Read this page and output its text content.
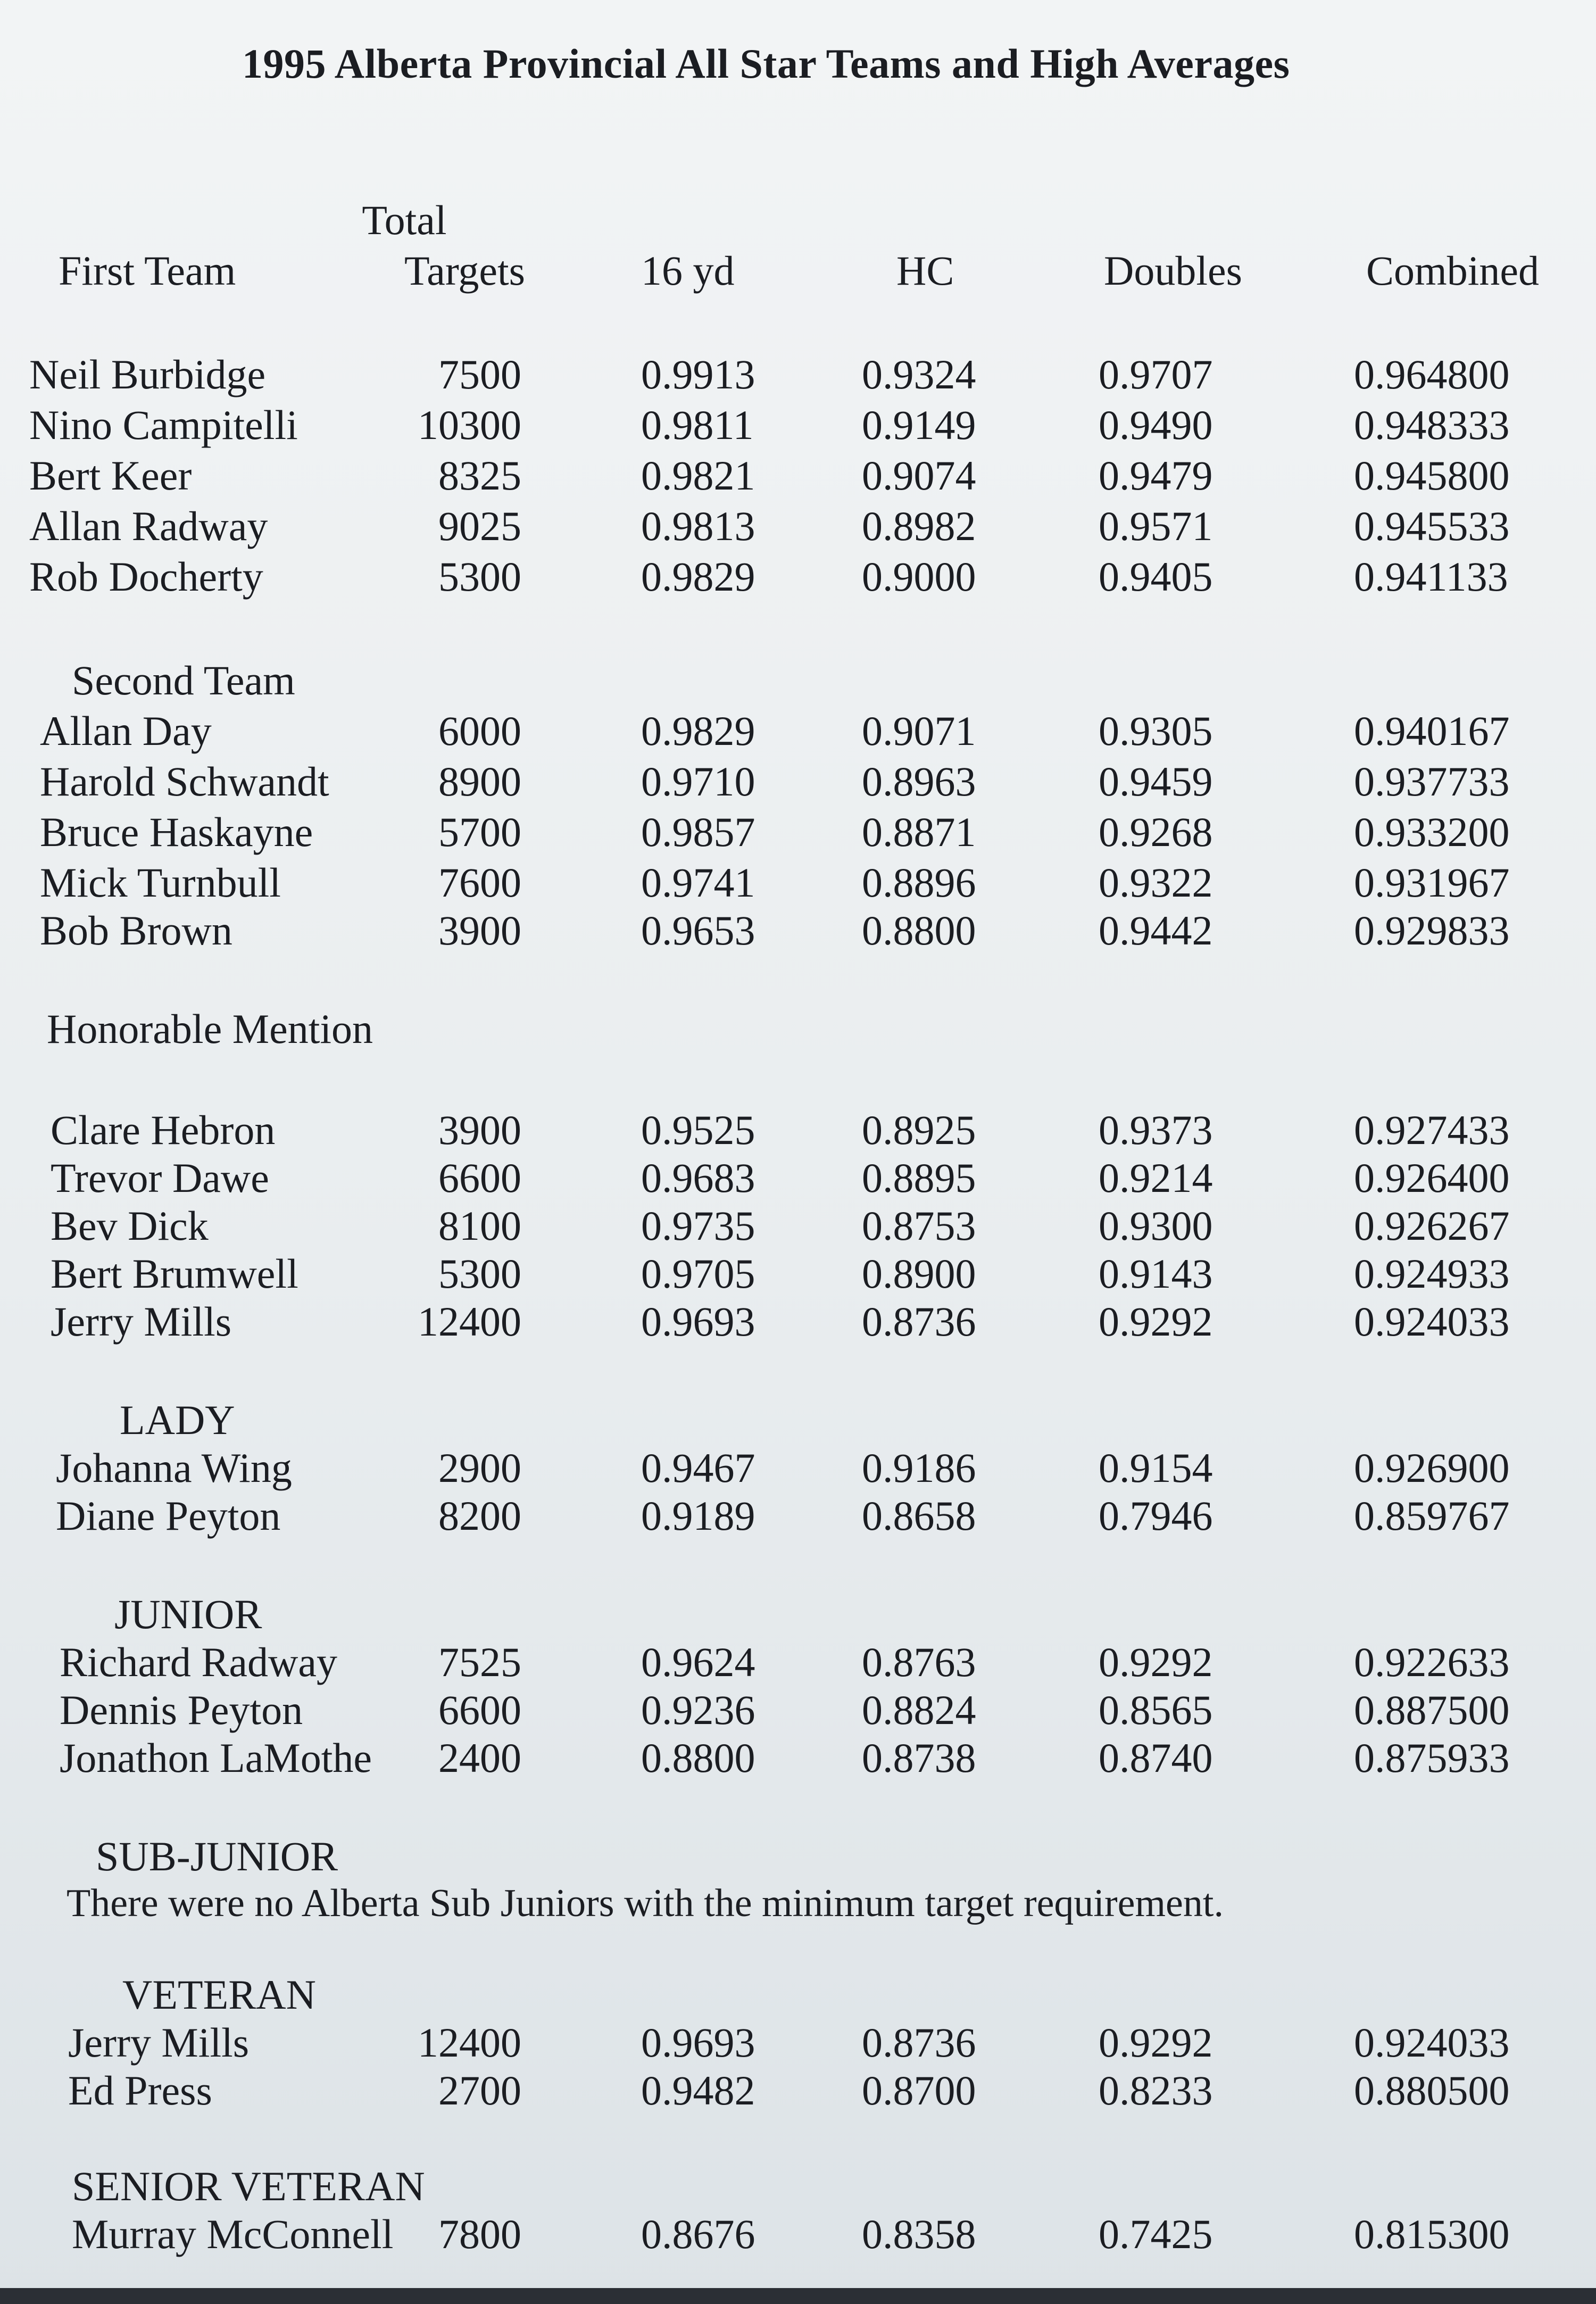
1995 Alberta Provincial All Star Teams and High Averages
Total
First Team	Targets	16 yd	HC	Doubles	Combined
Second Team
Honorable Mention
LADY
JUNIOR
SUB-JUNIOR
There were no Alberta Sub Juniors with the minimum target requirement.
VETERAN
SENIOR VETERAN
Neil Burbidge	7500	0.9913	0.9324	0.9707	0.964800
Nino Campitelli	10300	0.9811	0.9149	0.9490	0.948333
Bert Keer	8325	0.9821	0.9074	0.9479	0.945800
Allan Radway	9025	0.9813	0.8982	0.9571	0.945533
Rob Docherty	5300	0.9829	0.9000	0.9405	0.941133
Allan Day	6000	0.9829	0.9071	0.9305	0.940167
Harold Schwandt	8900	0.9710	0.8963	0.9459	0.937733
Bruce Haskayne	5700	0.9857	0.8871	0.9268	0.933200
Mick Turnbull	7600	0.9741	0.8896	0.9322	0.931967
Bob Brown	3900	0.9653	0.8800	0.9442	0.929833
Clare Hebron	3900	0.9525	0.8925	0.9373	0.927433
Trevor Dawe	6600	0.9683	0.8895	0.9214	0.926400
Bev Dick	8100	0.9735	0.8753	0.9300	0.926267
Bert Brumwell	5300	0.9705	0.8900	0.9143	0.924933
Jerry Mills	12400	0.9693	0.8736	0.9292	0.924033
Johanna Wing	2900	0.9467	0.9186	0.9154	0.926900
Diane Peyton	8200	0.9189	0.8658	0.7946	0.859767
Richard Radway	7525	0.9624	0.8763	0.9292	0.922633
Dennis Peyton	6600	0.9236	0.8824	0.8565	0.887500
Jonathon LaMothe	2400	0.8800	0.8738	0.8740	0.875933
Jerry Mills	12400	0.9693	0.8736	0.9292	0.924033
Ed Press	2700	0.9482	0.8700	0.8233	0.880500
Murray McConnell	7800	0.8676	0.8358	0.7425	0.815300
